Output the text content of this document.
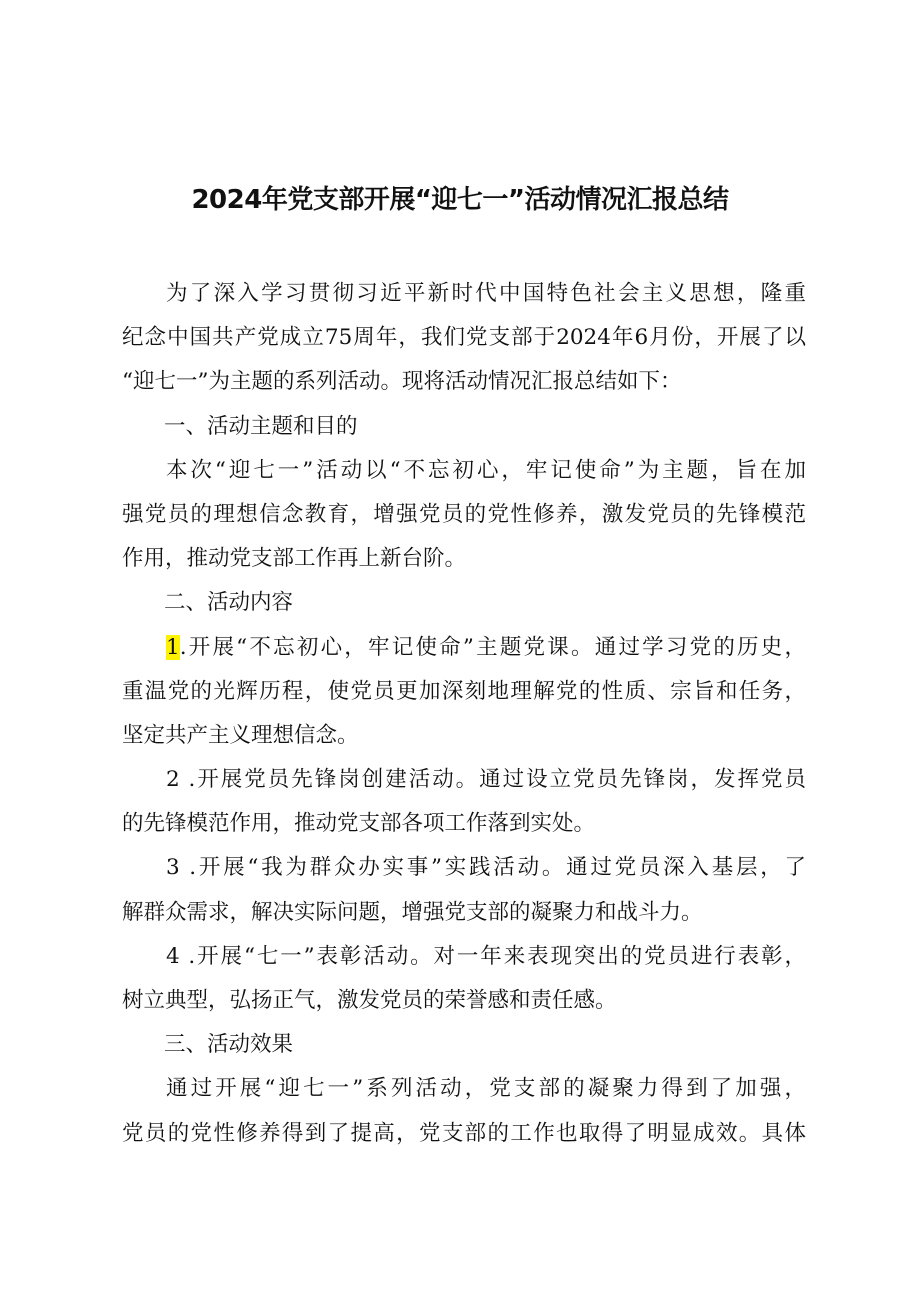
2024年党支部开展“迎七一”活动情况汇报总结
为了深入学习贯彻习近平新时代中国特色社会主义思想，隆重
纪念中国共产党成立75周年，我们党支部于2024年6月份，开展了以
“迎七一”为主题的系列活动。现将活动情况汇报总结如下：
一、活动主题和目的
本次“迎七一”活动以“不忘初心，牢记使命”为主题，旨在加
强党员的理想信念教育，增强党员的党性修养，激发党员的先锋模范
作用，推动党支部工作再上新台阶。
二、活动内容
1.开展“不忘初心，牢记使命”主题党课。通过学习党的历史，
重温党的光辉历程，使党员更加深刻地理解党的性质、宗旨和任务，
坚定共产主义理想信念。
2 .开展党员先锋岗创建活动。通过设立党员先锋岗，发挥党员
的先锋模范作用，推动党支部各项工作落到实处。
3 .开展“我为群众办实事”实践活动。通过党员深入基层，了
解群众需求，解决实际问题，增强党支部的凝聚力和战斗力。
4 .开展“七一”表彰活动。对一年来表现突出的党员进行表彰，
树立典型，弘扬正气，激发党员的荣誉感和责任感。
三、活动效果
通过开展“迎七一”系列活动，党支部的凝聚力得到了加强，
党员的党性修养得到了提高，党支部的工作也取得了明显成效。具体
